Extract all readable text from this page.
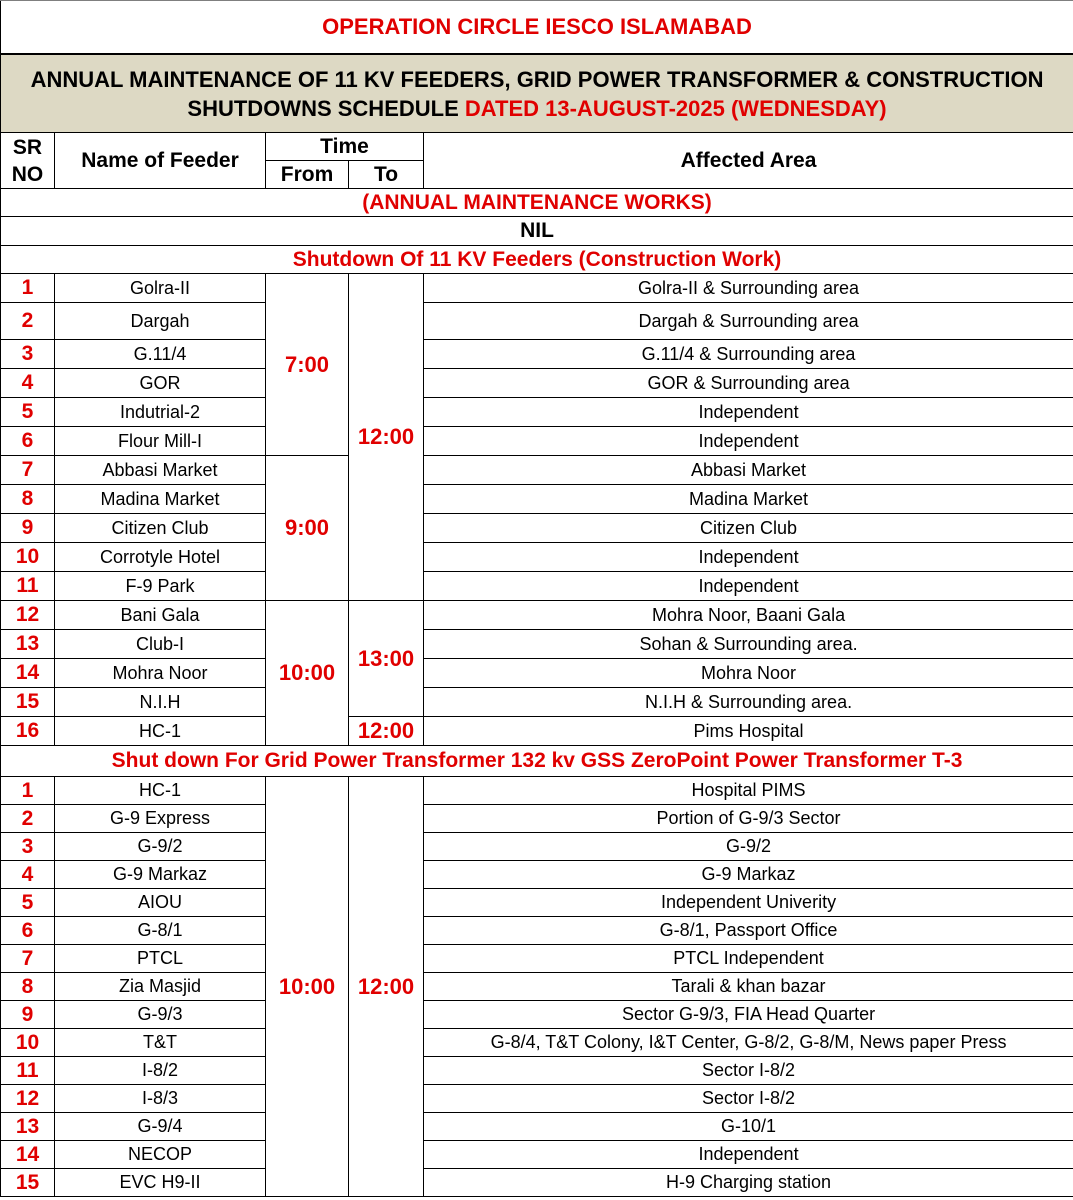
OPERATION CIRCLE IESCO ISLAMABAD				

ANNUAL MAINTENANCE OF 11 KV FEEDERS, GRID POWER TRANSFORMER & CONSTRUCTION
SHUTDOWNS SCHEDULE DATED 13-AUGUST-2025 (WEDNESDAY)				

SR NO	Name of Feeder	Time		Affected Area
		From	To	
(ANNUAL MAINTENANCE WORKS)				
NIL				
Shutdown Of 11 KV Feeders (Construction Work)				
1	Golra-II	7:00	12:00	Golra-II & Surrounding area
2	Dargah			Dargah & Surrounding area
3	G.11/4			G.11/4 & Surrounding area
4	GOR			GOR & Surrounding area
5	Indutrial-2			Independent
6	Flour Mill-I			Independent
7	Abbasi Market	9:00		Abbasi Market
8	Madina Market			Madina Market
9	Citizen Club			Citizen Club
10	Corrotyle Hotel			Independent
11	F-9 Park			Independent
12	Bani Gala	10:00	13:00	Mohra Noor, Baani Gala
13	Club-I			Sohan & Surrounding area.
14	Mohra Noor			Mohra Noor
15	N.I.H			N.I.H & Surrounding area.
16	HC-1		12:00	Pims Hospital
Shut down For Grid Power Transformer 132 kv GSS ZeroPoint Power Transformer T-3				
1	HC-1	10:00	12:00	Hospital PIMS
2	G-9 Express			Portion of G-9/3 Sector
3	G-9/2			G-9/2
4	G-9 Markaz			G-9 Markaz
5	AIOU			Independent Univerity
6	G-8/1			G-8/1, Passport Office
7	PTCL			PTCL Independent
8	Zia Masjid			Tarali & khan bazar
9	G-9/3			Sector G-9/3, FIA Head Quarter
10	T&T			G-8/4, T&T Colony, I&T Center, G-8/2, G-8/M, News paper Press
11	I-8/2			Sector I-8/2
12	I-8/3			Sector I-8/2
13	G-9/4			G-10/1
14	NECOP			Independent
15	EVC H9-II			H-9 Charging station
